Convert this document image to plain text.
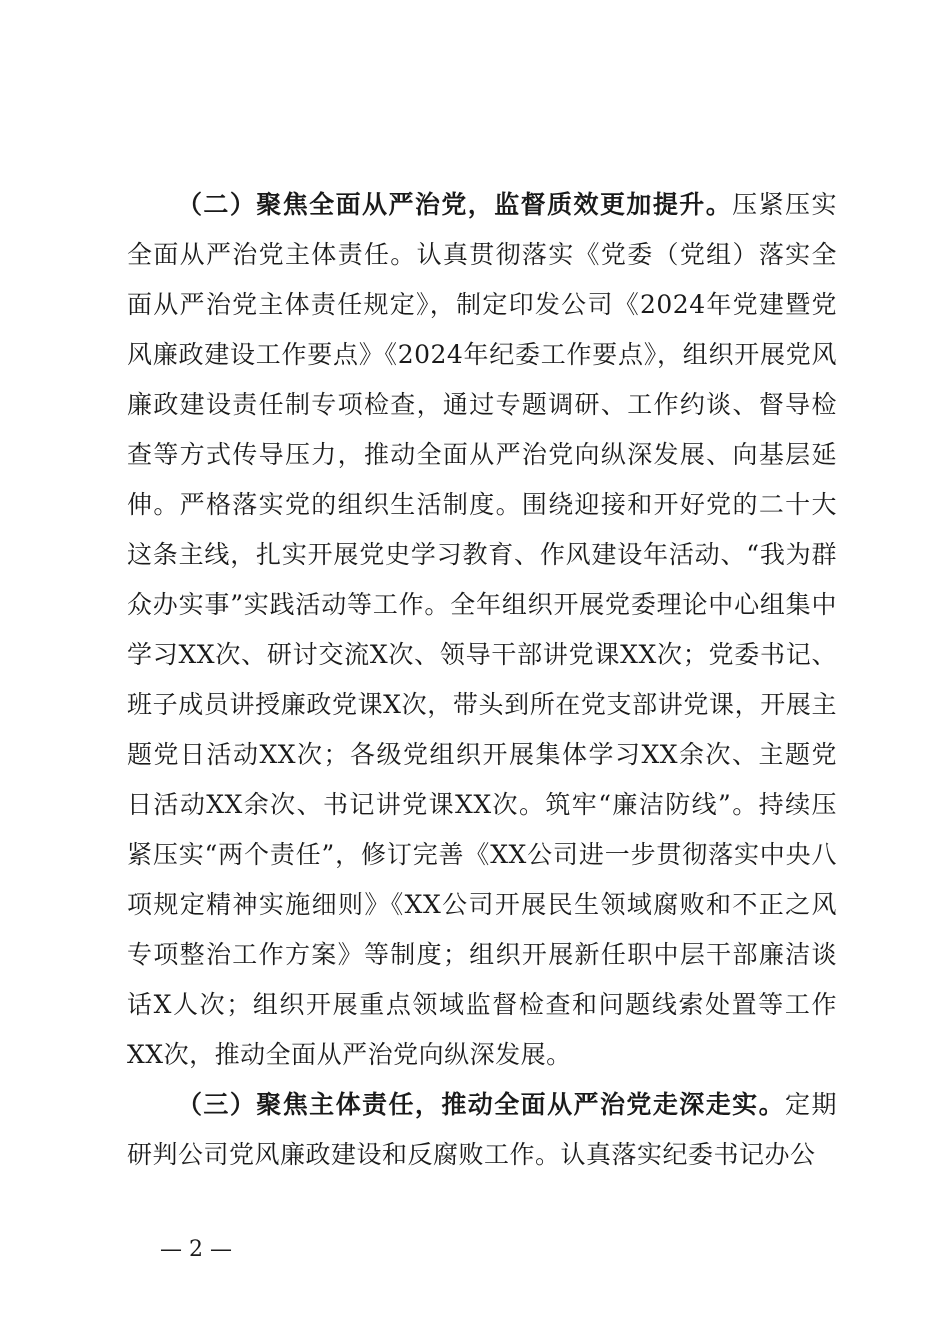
（二）聚焦全面从严治党，监督质效更加提升。压紧压实全面从严治党主体责任。认真贯彻落实《党委（党组）落实全面从严治党主体责任规定》，制定印发公司《2024年党建暨党风廉政建设工作要点》《2024年纪委工作要点》，组织开展党风廉政建设责任制专项检查，通过专题调研、工作约谈、督导检查等方式传导压力，推动全面从严治党向纵深发展、向基层延伸。严格落实党的组织生活制度。围绕迎接和开好党的二十大这条主线，扎实开展党史学习教育、作风建设年活动、“我为群众办实事”实践活动等工作。全年组织开展党委理论中心组集中学习XX次、研讨交流X次、领导干部讲党课XX次；党委书记、班子成员讲授廉政党课X次，带头到所在党支部讲党课，开展主题党日活动XX次；各级党组织开展集体学习XX余次、主题党日活动XX余次、书记讲党课XX次。筑牢“廉洁防线”。持续压紧压实“两个责任”，修订完善《XX公司进一步贯彻落实中央八项规定精神实施细则》《XX公司开展民生领域腐败和不正之风专项整治工作方案》等制度；组织开展新任职中层干部廉洁谈话X人次；组织开展重点领域监督检查和问题线索处置等工作XX次，推动全面从严治党向纵深发展。

（三）聚焦主体责任，推动全面从严治党走深走实。定期研判公司党风廉政建设和反腐败工作。认真落实纪委书记办公

— 2 —
